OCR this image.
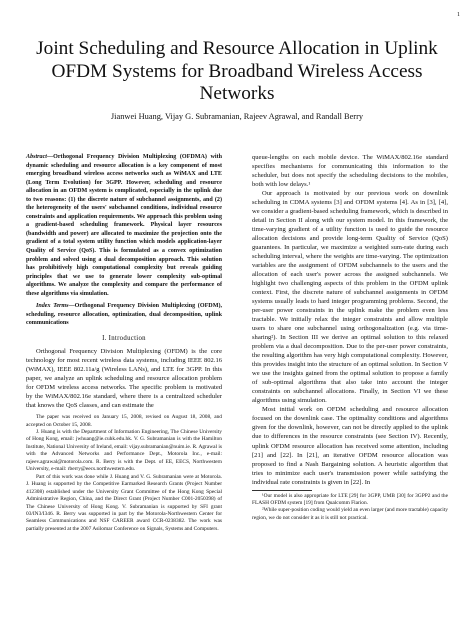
1
Joint Scheduling and Resource Allocation in Uplink OFDM Systems for Broadband Wireless Access Networks
Jianwei Huang, Vijay G. Subramanian, Rajeev Agrawal, and Randall Berry

Abstract—Orthogonal Frequency Division Multiplexing (OFDMA) with dynamic scheduling and resource allocation is a key component of most emerging broadband wireless access networks such as WiMAX and LTE (Long Term Evolution) for 3GPP. However, scheduling and resource allocation in an OFDM system is complicated, especially in the uplink due to two reasons: (1) the discrete nature of subchannel assignments, and (2) the heterogeneity of the users' subchannel conditions, individual resource constraints and application requirements. We approach this problem using a gradient-based scheduling framework. Physical layer resources (bandwidth and power) are allocated to maximize the projection onto the gradient of a total system utility function which models application-layer Quality of Service (QoS). This is formulated as a convex optimization problem and solved using a dual decomposition approach. This solution has prohibitively high computational complexity but reveals guiding principles that we use to generate lower complexity sub-optimal algorithms. We analyze the complexity and compare the performance of these algorithms via simulation.

Index Terms—Orthogonal Frequency Division Multiplexing (OFDM), scheduling, resource allocation, optimization, dual decomposition, uplink communications

I. Introduction

Orthogonal Frequency Division Multiplexing (OFDM) is the core technology for most recent wireless data systems, including IEEE 802.16 (WiMAX), IEEE 802.11a/g (Wireless LANs), and LTE for 3GPP. In this paper, we analyze an uplink scheduling and resource allocation problem for OFDM wireless access networks. The specific problem is motivated by the WiMAX/802.16e standard, where there is a centralized scheduler that knows the QoS classes, and can estimate the

The paper was received on January 15, 2008, revised on August 18, 2008, and accepted on October 15, 2008.

J. Huang is with the Department of Information Engineering, The Chinese University of Hong Kong, email: jwhuang@ie.cuhk.edu.hk. V. G. Subramanian is with the Hamilton Institute, National University of Ireland, email: vijay.subramanian@nuim.ie. R. Agrawal is with the Advanced Networks and Performance Dept., Motorola Inc., e-mail: rajeev.agrawal@motorola.com. R. Berry is with the Dept. of EE, EECS, Northwestern University, e-mail: rberry@eecs.northwestern.edu.

Part of this work was done while J. Huang and V. G. Subramanian were at Motorola. J. Huang is supported by the Competitive Earmarked Research Grants (Project Number 412308) established under the University Grant Committee of the Hong Kong Special Administrative Region, China, and the Direct Grant (Project Number C001-2050398) of The Chinese University of Hong Kong. V. Subramanian is supported by SFI grant 03/IN3/I346. R. Berry was supported in part by the Motorola-Northwestern Center for Seamless Communications and NSF CAREER award CCR-0238382. The work was partially presented at the 2007 Asilomar Conference on Signals, Systems and Computers.

queue-lengths on each mobile device. The WiMAX/802.16e standard specifies mechanisms for communicating this information to the scheduler, but does not specify the scheduling decisions to the mobiles, both with low delays.¹

Our approach is motivated by our previous work on downlink scheduling in CDMA systems [3] and OFDM systems [4]. As in [3], [4], we consider a gradient-based scheduling framework, which is described in detail in Section II along with our system model. In this framework, the time-varying gradient of a utility function is used to guide the resource allocation decisions and provide long-term Quality of Service (QoS) guarantees. In particular, we maximize a weighted sum-rate during each scheduling interval, where the weights are time-varying. The optimization variables are the assignment of OFDM subchannels to the users and the allocation of each user's power across the assigned subchannels. We highlight two challenging aspects of this problem in the OFDM uplink context. First, the discrete nature of subchannel assignments in OFDM systems usually leads to hard integer programming problems. Second, the per-user power constraints in the uplink make the problem even less tractable. We initially relax the integer constraints and allow multiple users to share one subchannel using orthogonalization (e.g. via time-sharing²). In Section III we derive an optimal solution to this relaxed problem via a dual decomposition. Due to the per-user power constraints, the resulting algorithm has very high computational complexity. However, this provides insight into the structure of an optimal solution. In Section V we use the insights gained from the optimal solution to propose a family of sub-optimal algorithms that also take into account the integer constraints on subchannel allocations. Finally, in Section VI we these algorithms using simulation.

Most initial work on OFDM scheduling and resource allocation focused on the downlink case. The optimality conditions and algorithms given for the downlink, however, can not be directly applied to the uplink due to differences in the resource constraints (see Section IV). Recently, uplink OFDM resource allocation has received some attention, including [21] and [22]. In [21], an iterative OFDM resource allocation was proposed to find a Nash Bargaining solution. A heuristic algorithm that tries to minimize each user's transmission power while satisfying the individual rate constraints is given in [22]. In

¹Our model is also appropriate for LTE [29] for 3GPP, UMB [30] for 3GPP2 and the FLASH OFDM system [19] from Qualcomm Flarion.

²While super-position coding would yield an even larger (and more tractable) capacity region, we do not consider it as it is still not practical.
